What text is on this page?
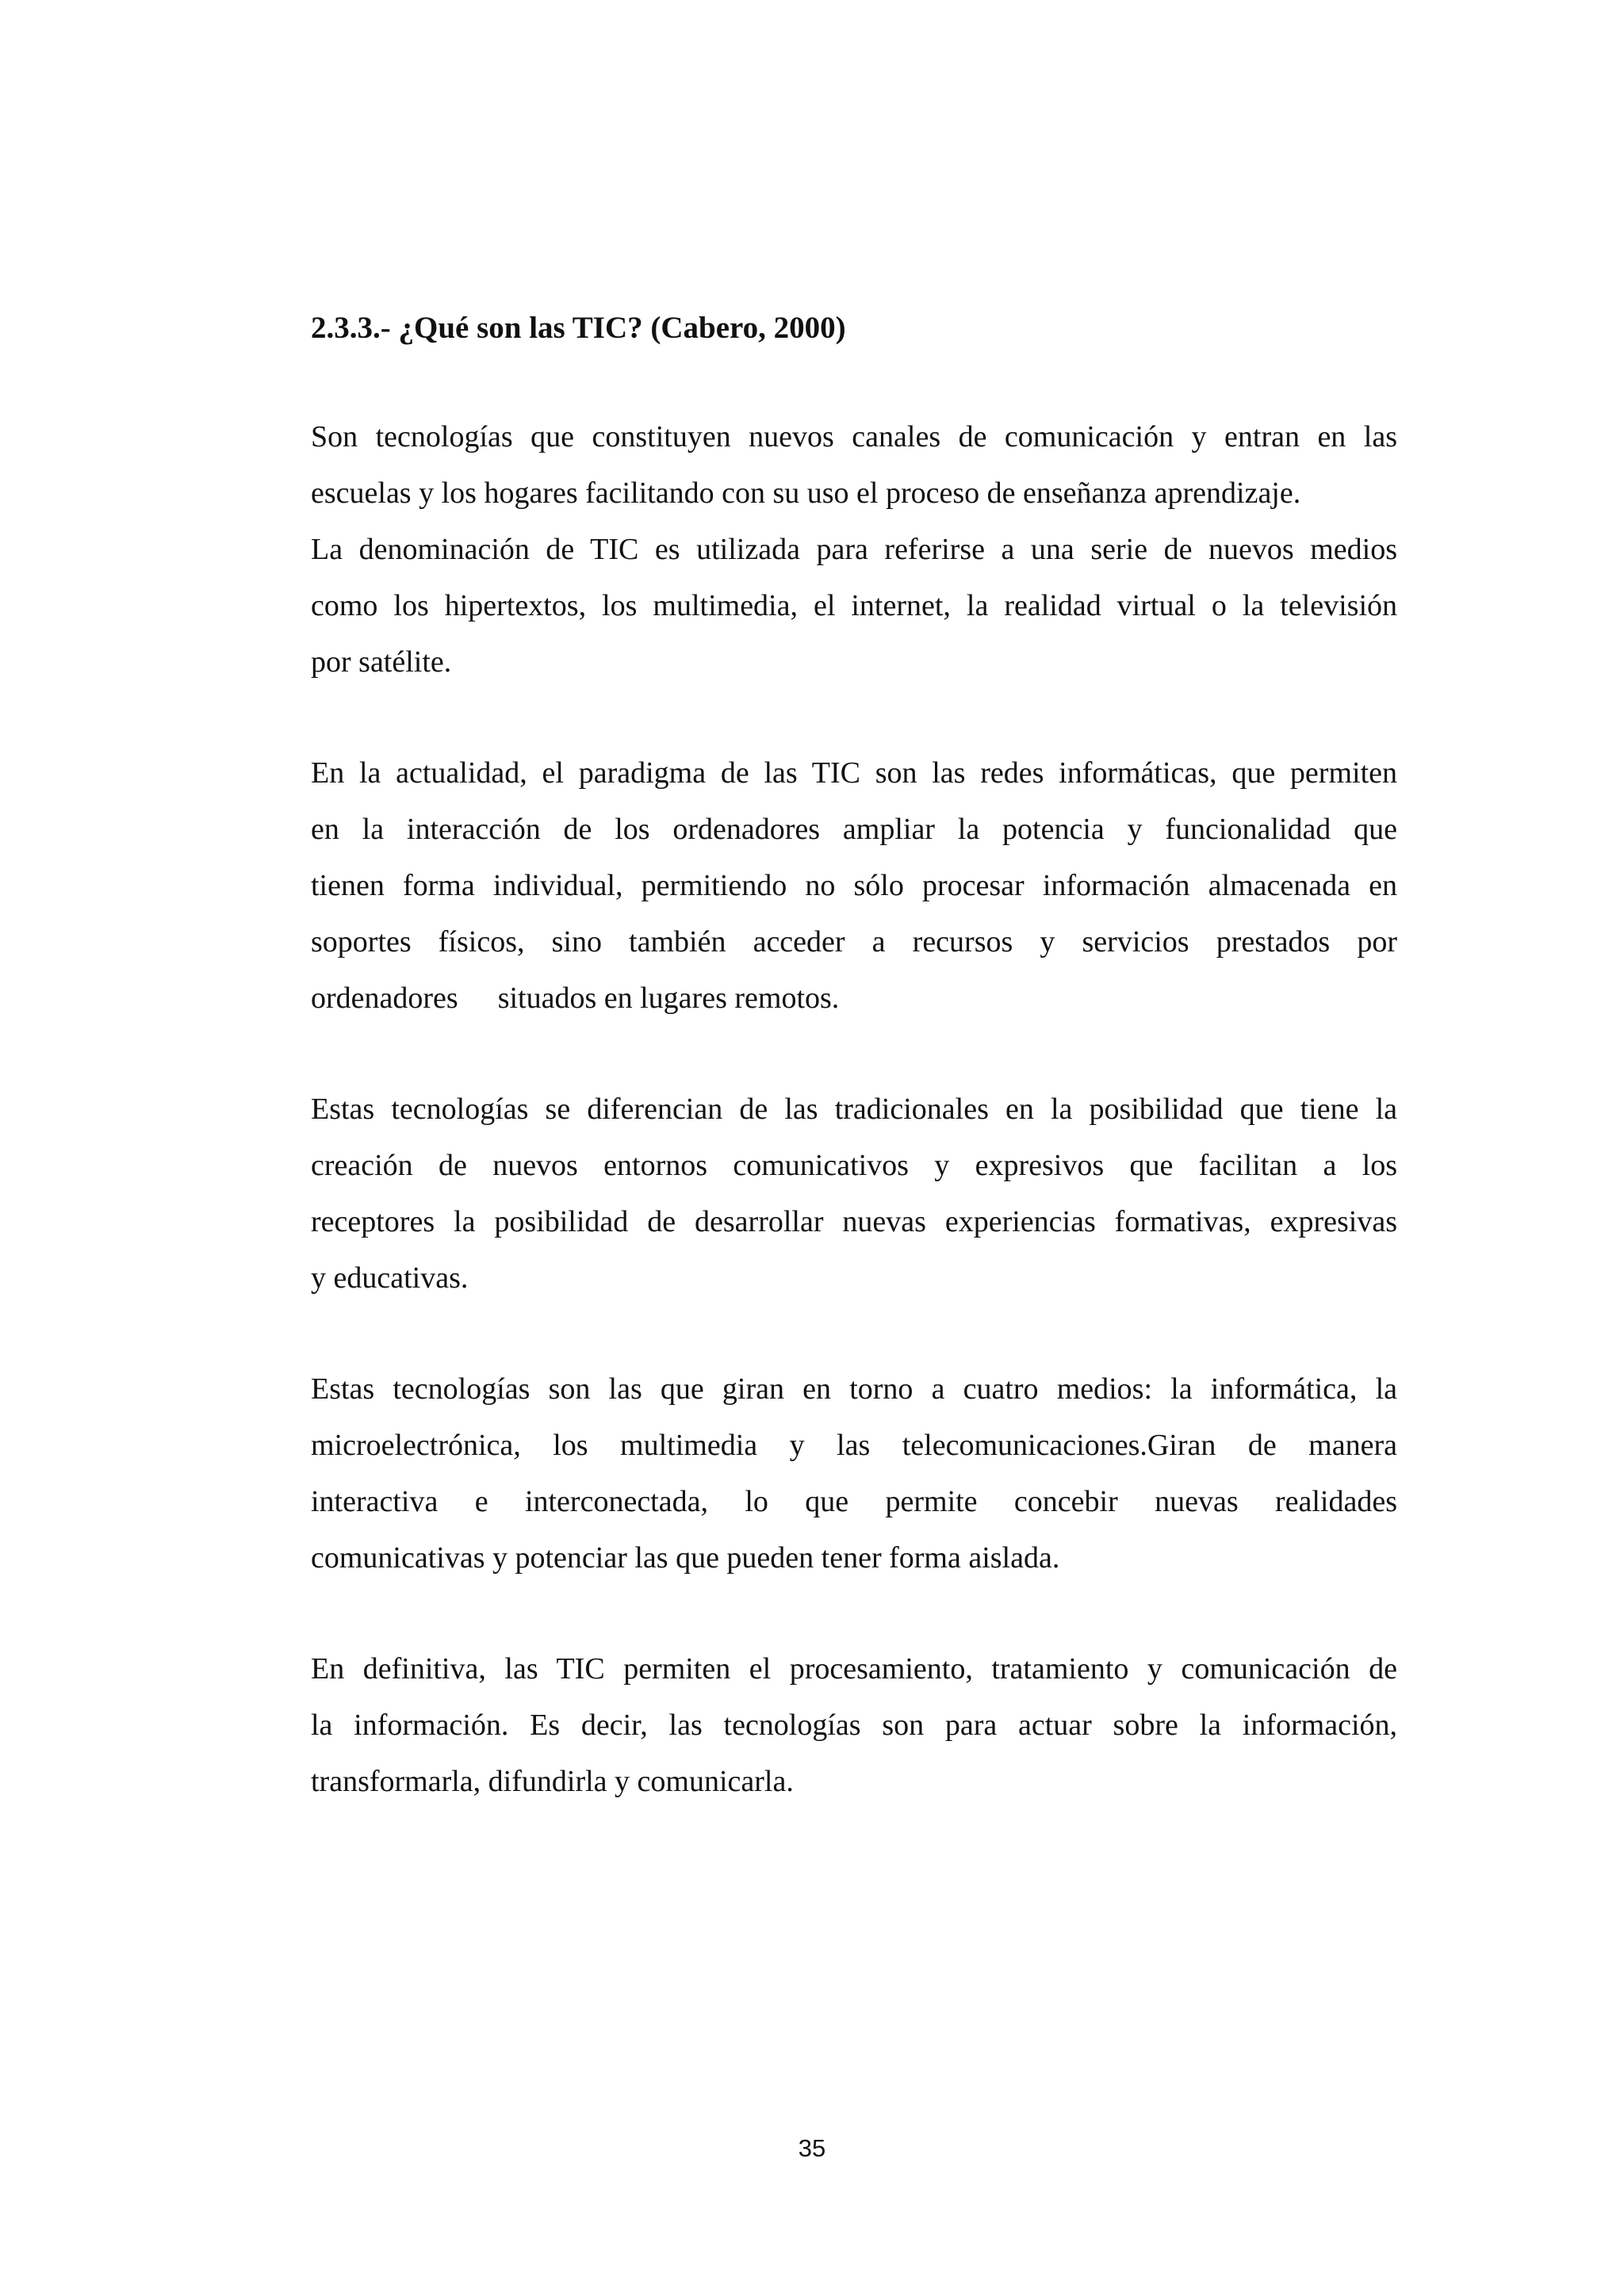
2.3.3.- ¿Qué son las TIC? (Cabero, 2000)

Son tecnologías que constituyen nuevos canales de comunicación y entran en las
escuelas y los hogares facilitando con su uso el proceso de enseñanza aprendizaje.
La denominación de TIC es utilizada para referirse a una serie de nuevos medios
como los hipertextos, los multimedia, el internet, la realidad virtual o la televisión
por satélite.

En la actualidad, el paradigma de las TIC son las redes informáticas, que permiten
en la interacción de los ordenadores ampliar la potencia y funcionalidad que
tienen forma individual, permitiendo no sólo procesar información almacenada en
soportes físicos, sino también acceder a recursos y servicios prestados por
ordenadores situados en lugares remotos.

Estas tecnologías se diferencian de las tradicionales en la posibilidad que tiene la
creación de nuevos entornos comunicativos y expresivos que facilitan a los
receptores la posibilidad de desarrollar nuevas experiencias formativas, expresivas
y educativas.

Estas tecnologías son las que giran en torno a cuatro medios: la informática, la
microelectrónica, los multimedia y las telecomunicaciones.Giran de manera
interactiva e interconectada, lo que permite concebir nuevas realidades
comunicativas y potenciar las que pueden tener forma aislada.

En definitiva, las TIC permiten el procesamiento, tratamiento y comunicación de
la información. Es decir, las tecnologías son para actuar sobre la información,
transformarla, difundirla y comunicarla.

35
